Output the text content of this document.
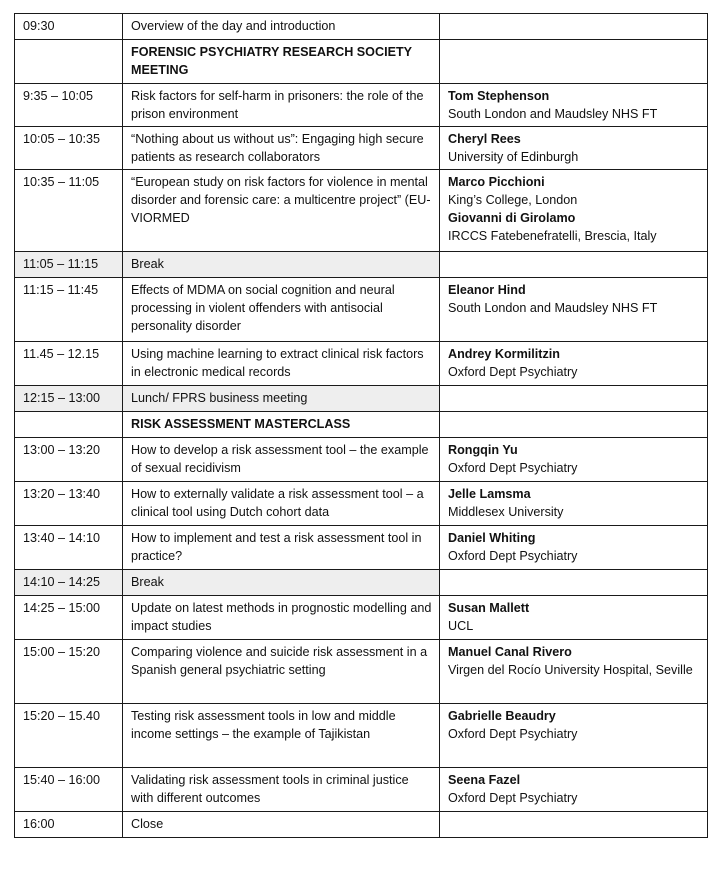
09:30	Overview of the day and introduction	
	FORENSIC PSYCHIATRY RESEARCH SOCIETY MEETING	
9:35 – 10:05	Risk factors for self-harm in prisoners: the role of the prison environment	Tom Stephenson
South London and Maudsley NHS FT

10:05 – 10:35	“Nothing about us without us”: Engaging high secure patients as research collaborators	Cheryl Rees
University of Edinburgh

10:35 – 11:05	“European study on risk factors for violence in mental disorder and forensic care: a multicentre project” (EU-VIORMED	Marco Picchioni
King’s College, London
Giovanni di Girolamo
IRCCS Fatebenefratelli, Brescia, Italy

11:05 – 11:15	Break	
11:15 – 11:45	Effects of MDMA on social cognition and neural processing in violent offenders with antisocial personality disorder	Eleanor Hind
South London and Maudsley NHS FT

11.45 – 12.15	Using machine learning to extract clinical risk factors in electronic medical records	Andrey Kormilitzin
Oxford Dept Psychiatry

12:15 – 13:00	Lunch/ FPRS business meeting	
	RISK ASSESSMENT MASTERCLASS	
13:00 – 13:20	How to develop a risk assessment tool – the example of sexual recidivism	Rongqin Yu
Oxford Dept Psychiatry

13:20 – 13:40	How to externally validate a risk assessment tool – a clinical tool using Dutch cohort data	Jelle Lamsma
Middlesex University

13:40 – 14:10	How to implement and test a risk assessment tool in practice?	Daniel Whiting
Oxford Dept Psychiatry

14:10 – 14:25	Break	
14:25 – 15:00	Update on latest methods in prognostic modelling and impact studies	Susan Mallett
UCL

15:00 – 15:20	Comparing violence and suicide risk assessment in a Spanish general psychiatric setting	Manuel Canal Rivero
Virgen del Rocío University Hospital, Seville

15:20 – 15.40	Testing risk assessment tools in low and middle income settings – the example of Tajikistan	Gabrielle Beaudry
Oxford Dept Psychiatry

15:40 – 16:00	Validating risk assessment tools in criminal justice with different outcomes	Seena Fazel
Oxford Dept Psychiatry

16:00	Close	
